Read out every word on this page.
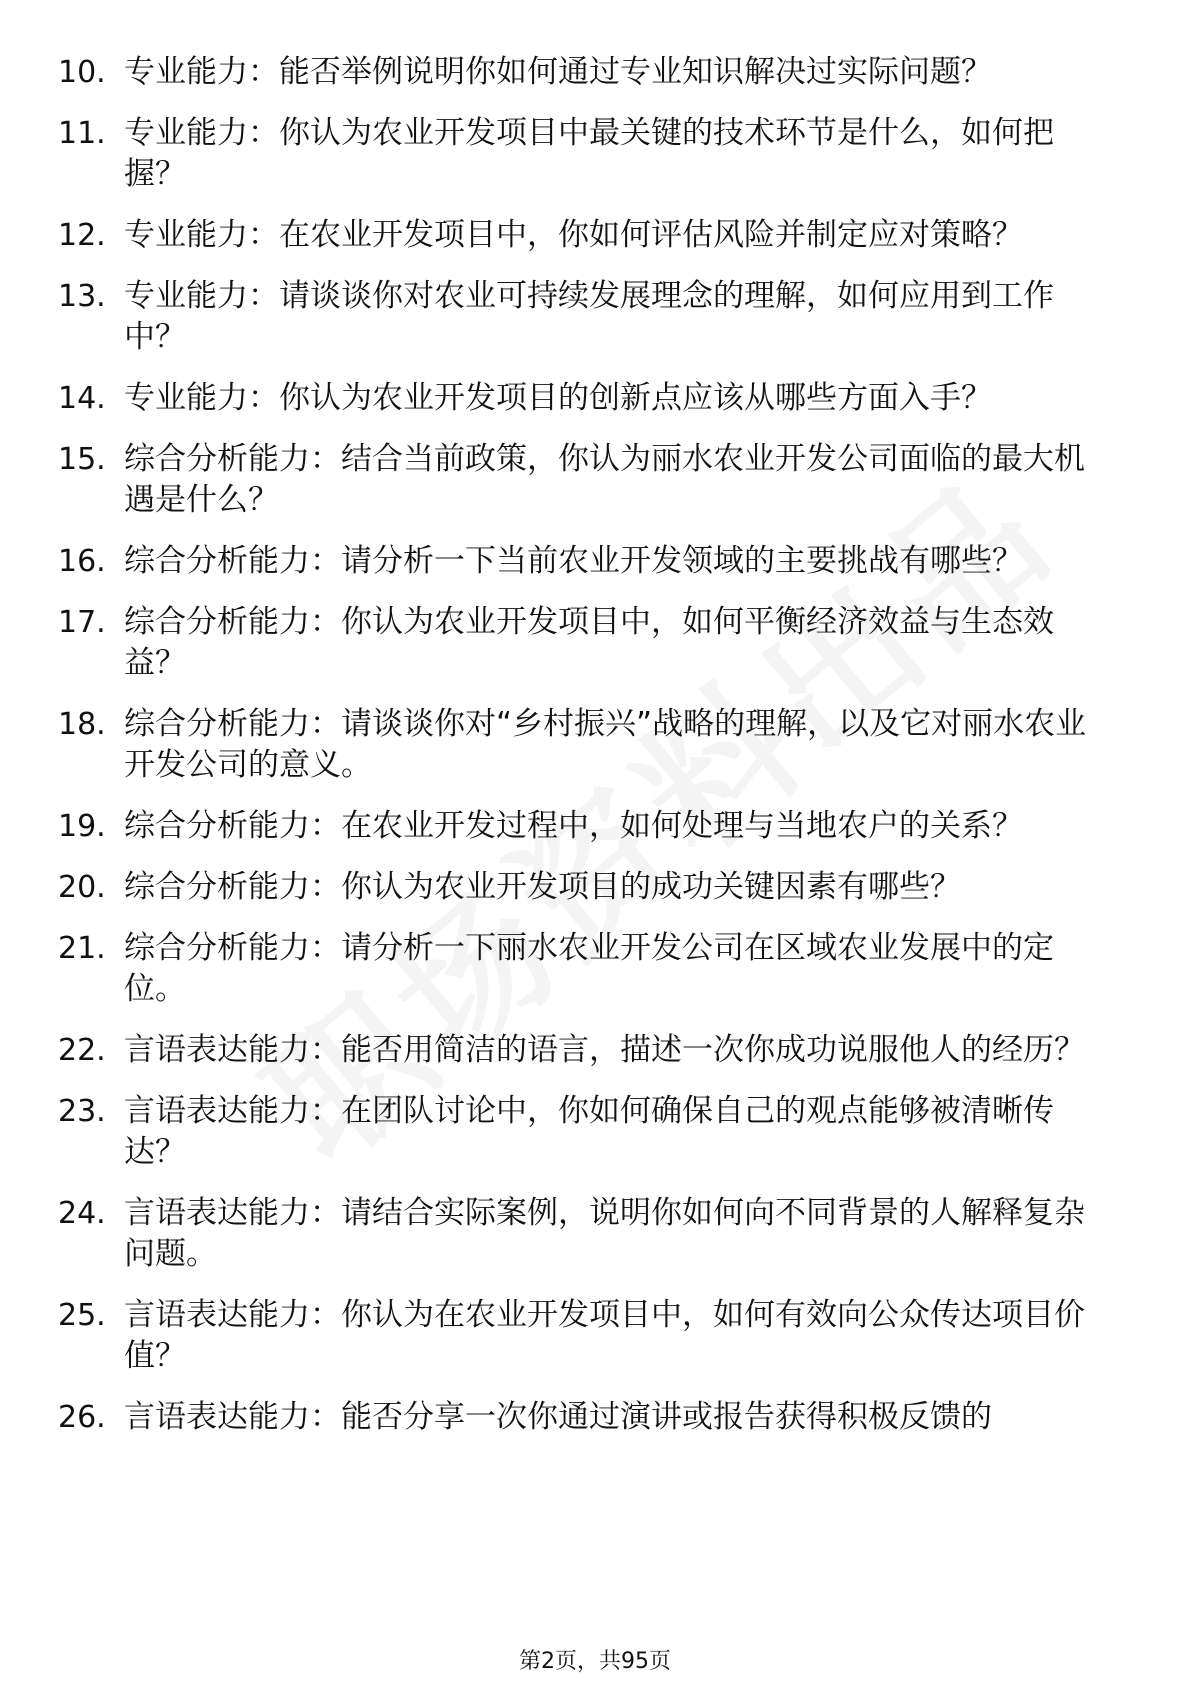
10. 专业能力：能否举例说明你如何通过专业知识解决过实际问题？
11. 专业能力：你认为农业开发项目中最关键的技术环节是什么，如何把握？
12. 专业能力：在农业开发项目中，你如何评估风险并制定应对策略？
13. 专业能力：请谈谈你对农业可持续发展理念的理解，如何应用到工作中？
14. 专业能力：你认为农业开发项目的创新点应该从哪些方面入手？
15. 综合分析能力：结合当前政策，你认为丽水农业开发公司面临的最大机遇是什么？
16. 综合分析能力：请分析一下当前农业开发领域的主要挑战有哪些？
17. 综合分析能力：你认为农业开发项目中，如何平衡经济效益与生态效益？
18. 综合分析能力：请谈谈你对“乡村振兴”战略的理解，以及它对丽水农业开发公司的意义。
19. 综合分析能力：在农业开发过程中，如何处理与当地农户的关系？
20. 综合分析能力：你认为农业开发项目的成功关键因素有哪些？
21. 综合分析能力：请分析一下丽水农业开发公司在区域农业发展中的定位。
22. 言语表达能力：能否用简洁的语言，描述一次你成功说服他人的经历？
23. 言语表达能力：在团队讨论中，你如何确保自己的观点能够被清晰传达？
24. 言语表达能力：请结合实际案例，说明你如何向不同背景的人解释复杂问题。
25. 言语表达能力：你认为在农业开发项目中，如何有效向公众传达项目价值？
26. 言语表达能力：能否分享一次你通过演讲或报告获得积极反馈的
第2页，共95页
